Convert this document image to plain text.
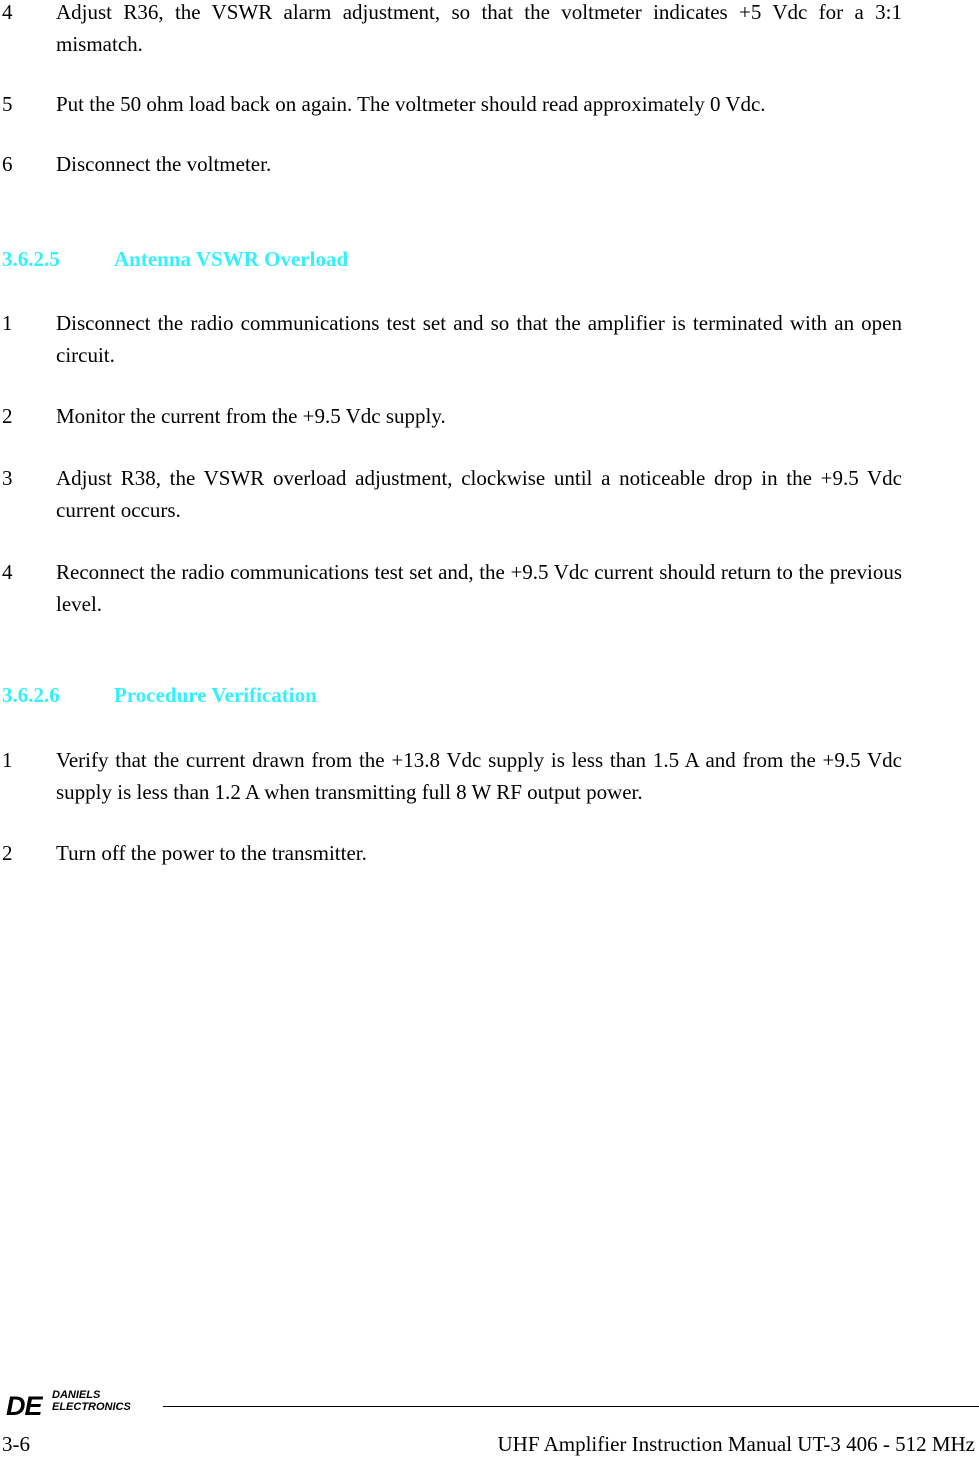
4	Adjust R36, the VSWR alarm adjustment, so that the voltmeter indicates +5 Vdc for a 3:1 mismatch.
5	Put the 50 ohm load back on again. The voltmeter should read approximately 0 Vdc.
6	Disconnect the voltmeter.
3.6.2.5	Antenna VSWR Overload
1	Disconnect the radio communications test set and so that the amplifier is terminated with an open circuit.
2	Monitor the current from the +9.5 Vdc supply.
3	Adjust R38, the VSWR overload adjustment, clockwise until a noticeable drop in the +9.5 Vdc current occurs.
4	Reconnect the radio communications test set and, the +9.5 Vdc current should return to the previous level.
3.6.2.6	Procedure Verification
1	Verify that the current drawn from the +13.8 Vdc supply is less than 1.5 A and from the +9.5 Vdc supply is less than 1.2 A when transmitting full 8 W RF output power.
2	Turn off the power to the transmitter.
DE DANIELS
ELECTRONICS
3-6	UHF Amplifier Instruction Manual UT-3 406 - 512 MHz
